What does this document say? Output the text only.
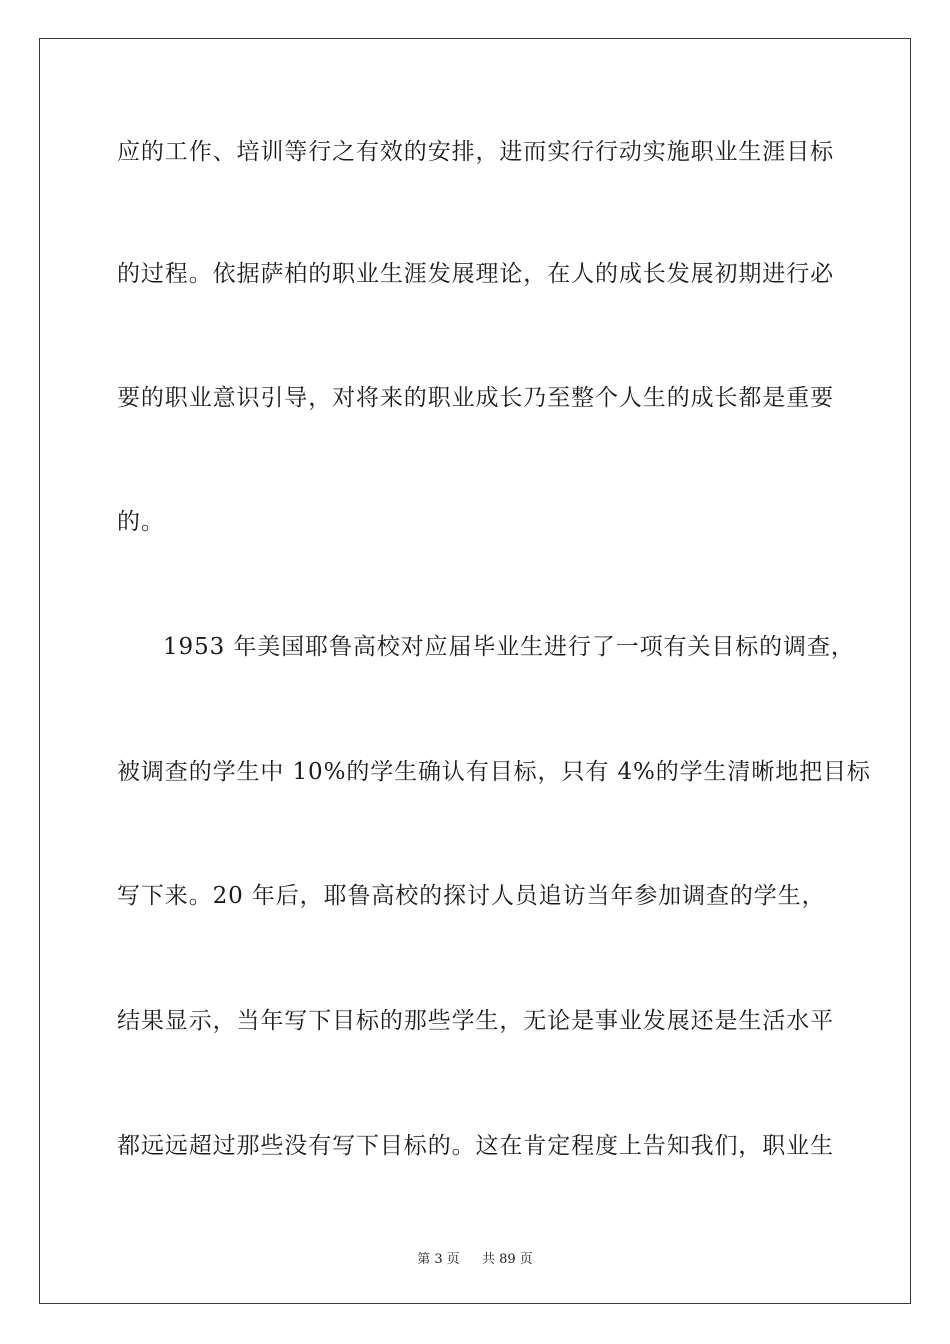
应的工作、培训等行之有效的安排，进而实行行动实施职业生涯目标
的过程。依据萨柏的职业生涯发展理论，在人的成长发展初期进行必
要的职业意识引导，对将来的职业成长乃至整个人生的成长都是重要
的。
1953 年美国耶鲁高校对应届毕业生进行了一项有关目标的调查，
被调查的学生中 10%的学生确认有目标，只有 4%的学生清晰地把目标
写下来。20 年后，耶鲁高校的探讨人员追访当年参加调查的学生，
结果显示，当年写下目标的那些学生，无论是事业发展还是生活水平
都远远超过那些没有写下目标的。这在肯定程度上告知我们，职业生
第 3 页 共 89 页
